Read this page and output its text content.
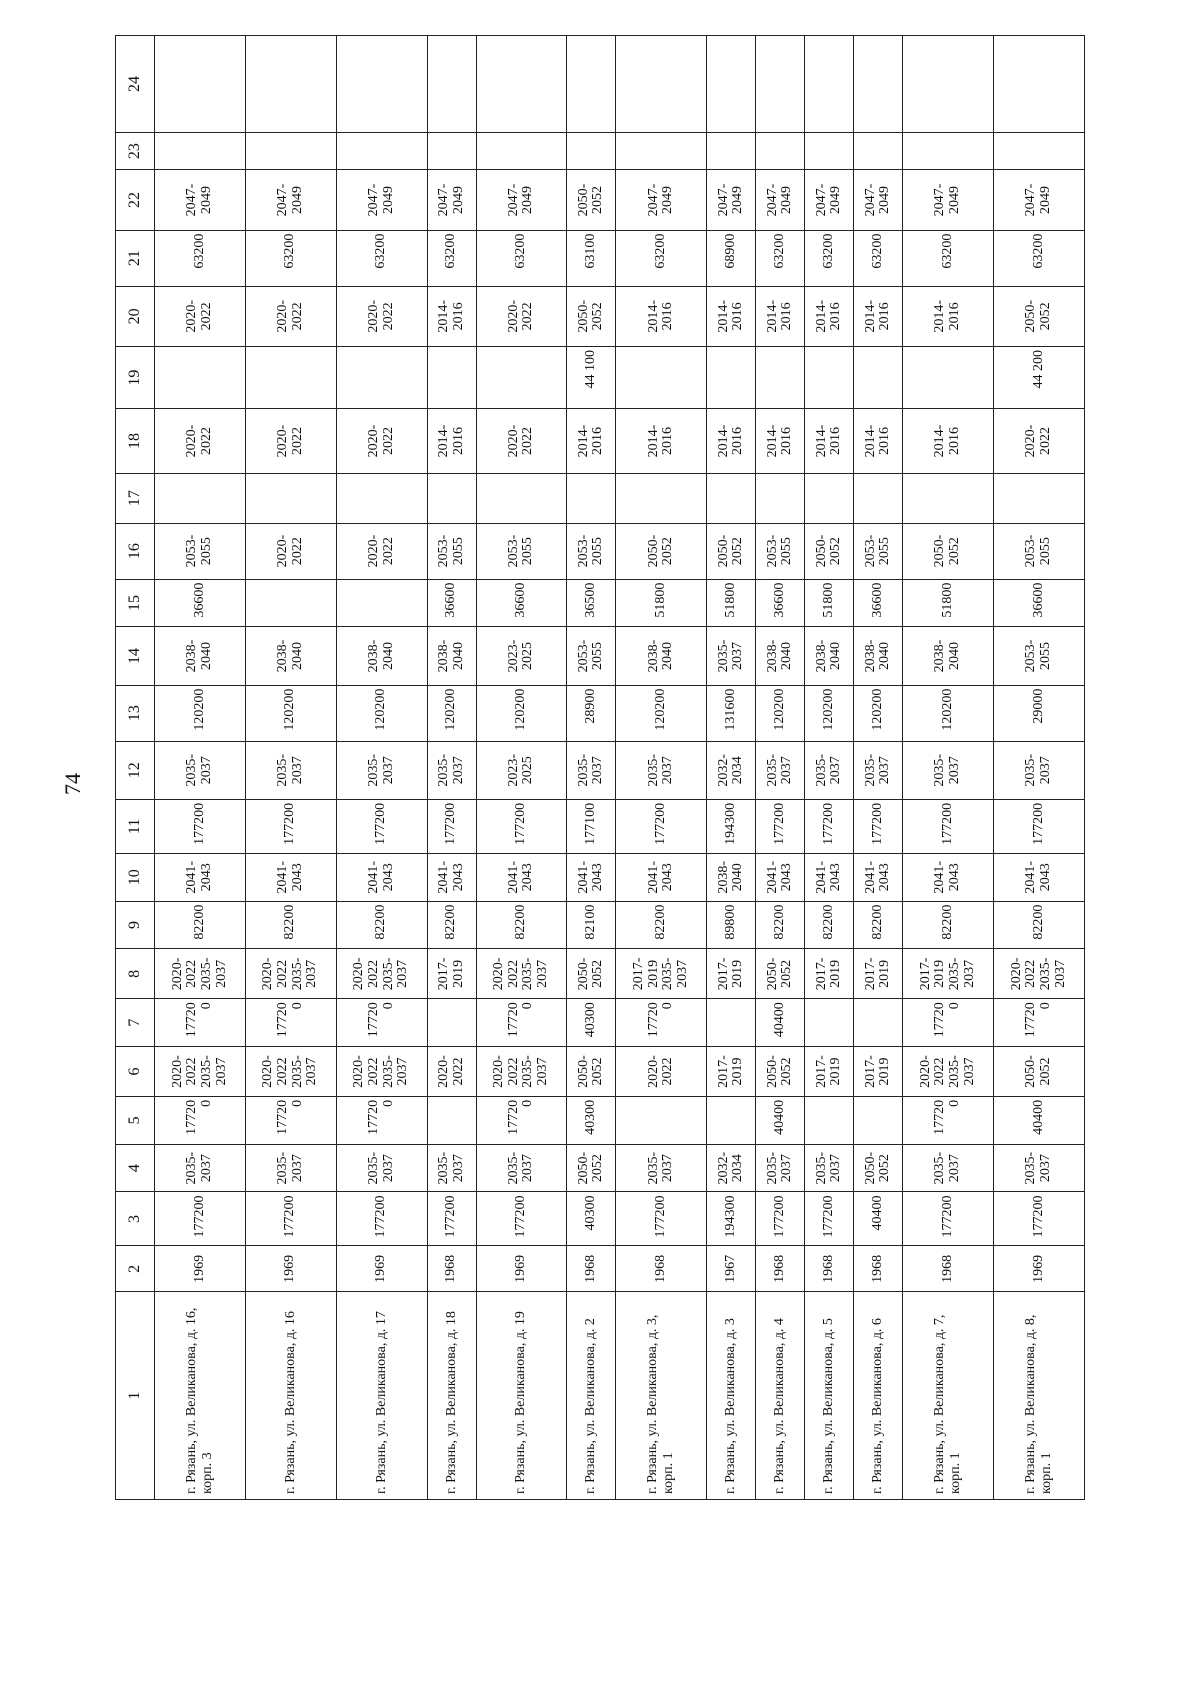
74
1	2	3	4	5	6	7	8	9	10	11	12	13	14	15	16	17	18	19	20	21	22	23	24
г. Рязань, ул. Великанова, д. 16, корп. 3	1969	177200	2035-2037	177200	2020-2022 2035-2037	177200	2020-2022 2035-2037	82200	2041-2043	177200	2035-2037	120200	2038-2040	36600	2053-2055		2020-2022		2020-2022	63200	2047-2049		
г. Рязань, ул. Великанова, д. 16	1969	177200	2035-2037	177200	2020-2022 2035-2037	177200	2020-2022 2035-2037	82200	2041-2043	177200	2035-2037	120200	2038-2040		2020-2022		2020-2022		2020-2022	63200	2047-2049		
г. Рязань, ул. Великанова, д. 17	1969	177200	2035-2037	177200	2020-2022 2035-2037	177200	2020-2022 2035-2037	82200	2041-2043	177200	2035-2037	120200	2038-2040		2020-2022		2020-2022		2020-2022	63200	2047-2049		
г. Рязань, ул. Великанова, д. 18	1968	177200	2035-2037		2020-2022		2017-2019	82200	2041-2043	177200	2035-2037	120200	2038-2040	36600	2053-2055		2014-2016		2014-2016	63200	2047-2049		
г. Рязань, ул. Великанова, д. 19	1969	177200	2035-2037	177200	2020-2022 2035-2037	177200	2020-2022 2035-2037	82200	2041-2043	177200	2023-2025	120200	2023-2025	36600	2053-2055		2020-2022		2020-2022	63200	2047-2049		
г. Рязань, ул. Великанова, д. 2	1968	40300	2050-2052	40300	2050-2052	40300	2050-2052	82100	2041-2043	177100	2035-2037	28900	2053-2055	36500	2053-2055		2014-2016	44 100	2050-2052	63100	2050-2052		
г. Рязань, ул. Великанова, д. 3, корп. 1	1968	177200	2035-2037		2020-2022	177200	2017-2019 2035-2037	82200	2041-2043	177200	2035-2037	120200	2038-2040	51800	2050-2052		2014-2016		2014-2016	63200	2047-2049		
г. Рязань, ул. Великанова, д. 3	1967	194300	2032-2034		2017-2019		2017-2019	89800	2038-2040	194300	2032-2034	131600	2035-2037	51800	2050-2052		2014-2016		2014-2016	68900	2047-2049		
г. Рязань, ул. Великанова, д. 4	1968	177200	2035-2037	40400	2050-2052	40400	2050-2052	82200	2041-2043	177200	2035-2037	120200	2038-2040	36600	2053-2055		2014-2016		2014-2016	63200	2047-2049		
г. Рязань, ул. Великанова, д. 5	1968	177200	2035-2037		2017-2019		2017-2019	82200	2041-2043	177200	2035-2037	120200	2038-2040	51800	2050-2052		2014-2016		2014-2016	63200	2047-2049		
г. Рязань, ул. Великанова, д. 6	1968	40400	2050-2052		2017-2019		2017-2019	82200	2041-2043	177200	2035-2037	120200	2038-2040	36600	2053-2055		2014-2016		2014-2016	63200	2047-2049		
г. Рязань, ул. Великанова, д. 7, корп. 1	1968	177200	2035-2037	177200	2020-2022 2035-2037	177200	2017-2019 2035-2037	82200	2041-2043	177200	2035-2037	120200	2038-2040	51800	2050-2052		2014-2016		2014-2016	63200	2047-2049		
г. Рязань, ул. Великанова, д. 8, корп. 1	1969	177200	2035-2037	40400	2050-2052	177200	2020-2022 2035-2037	82200	2041-2043	177200	2035-2037	29000	2053-2055	36600	2053-2055		2020-2022	44 200	2050-2052	63200	2047-2049		
